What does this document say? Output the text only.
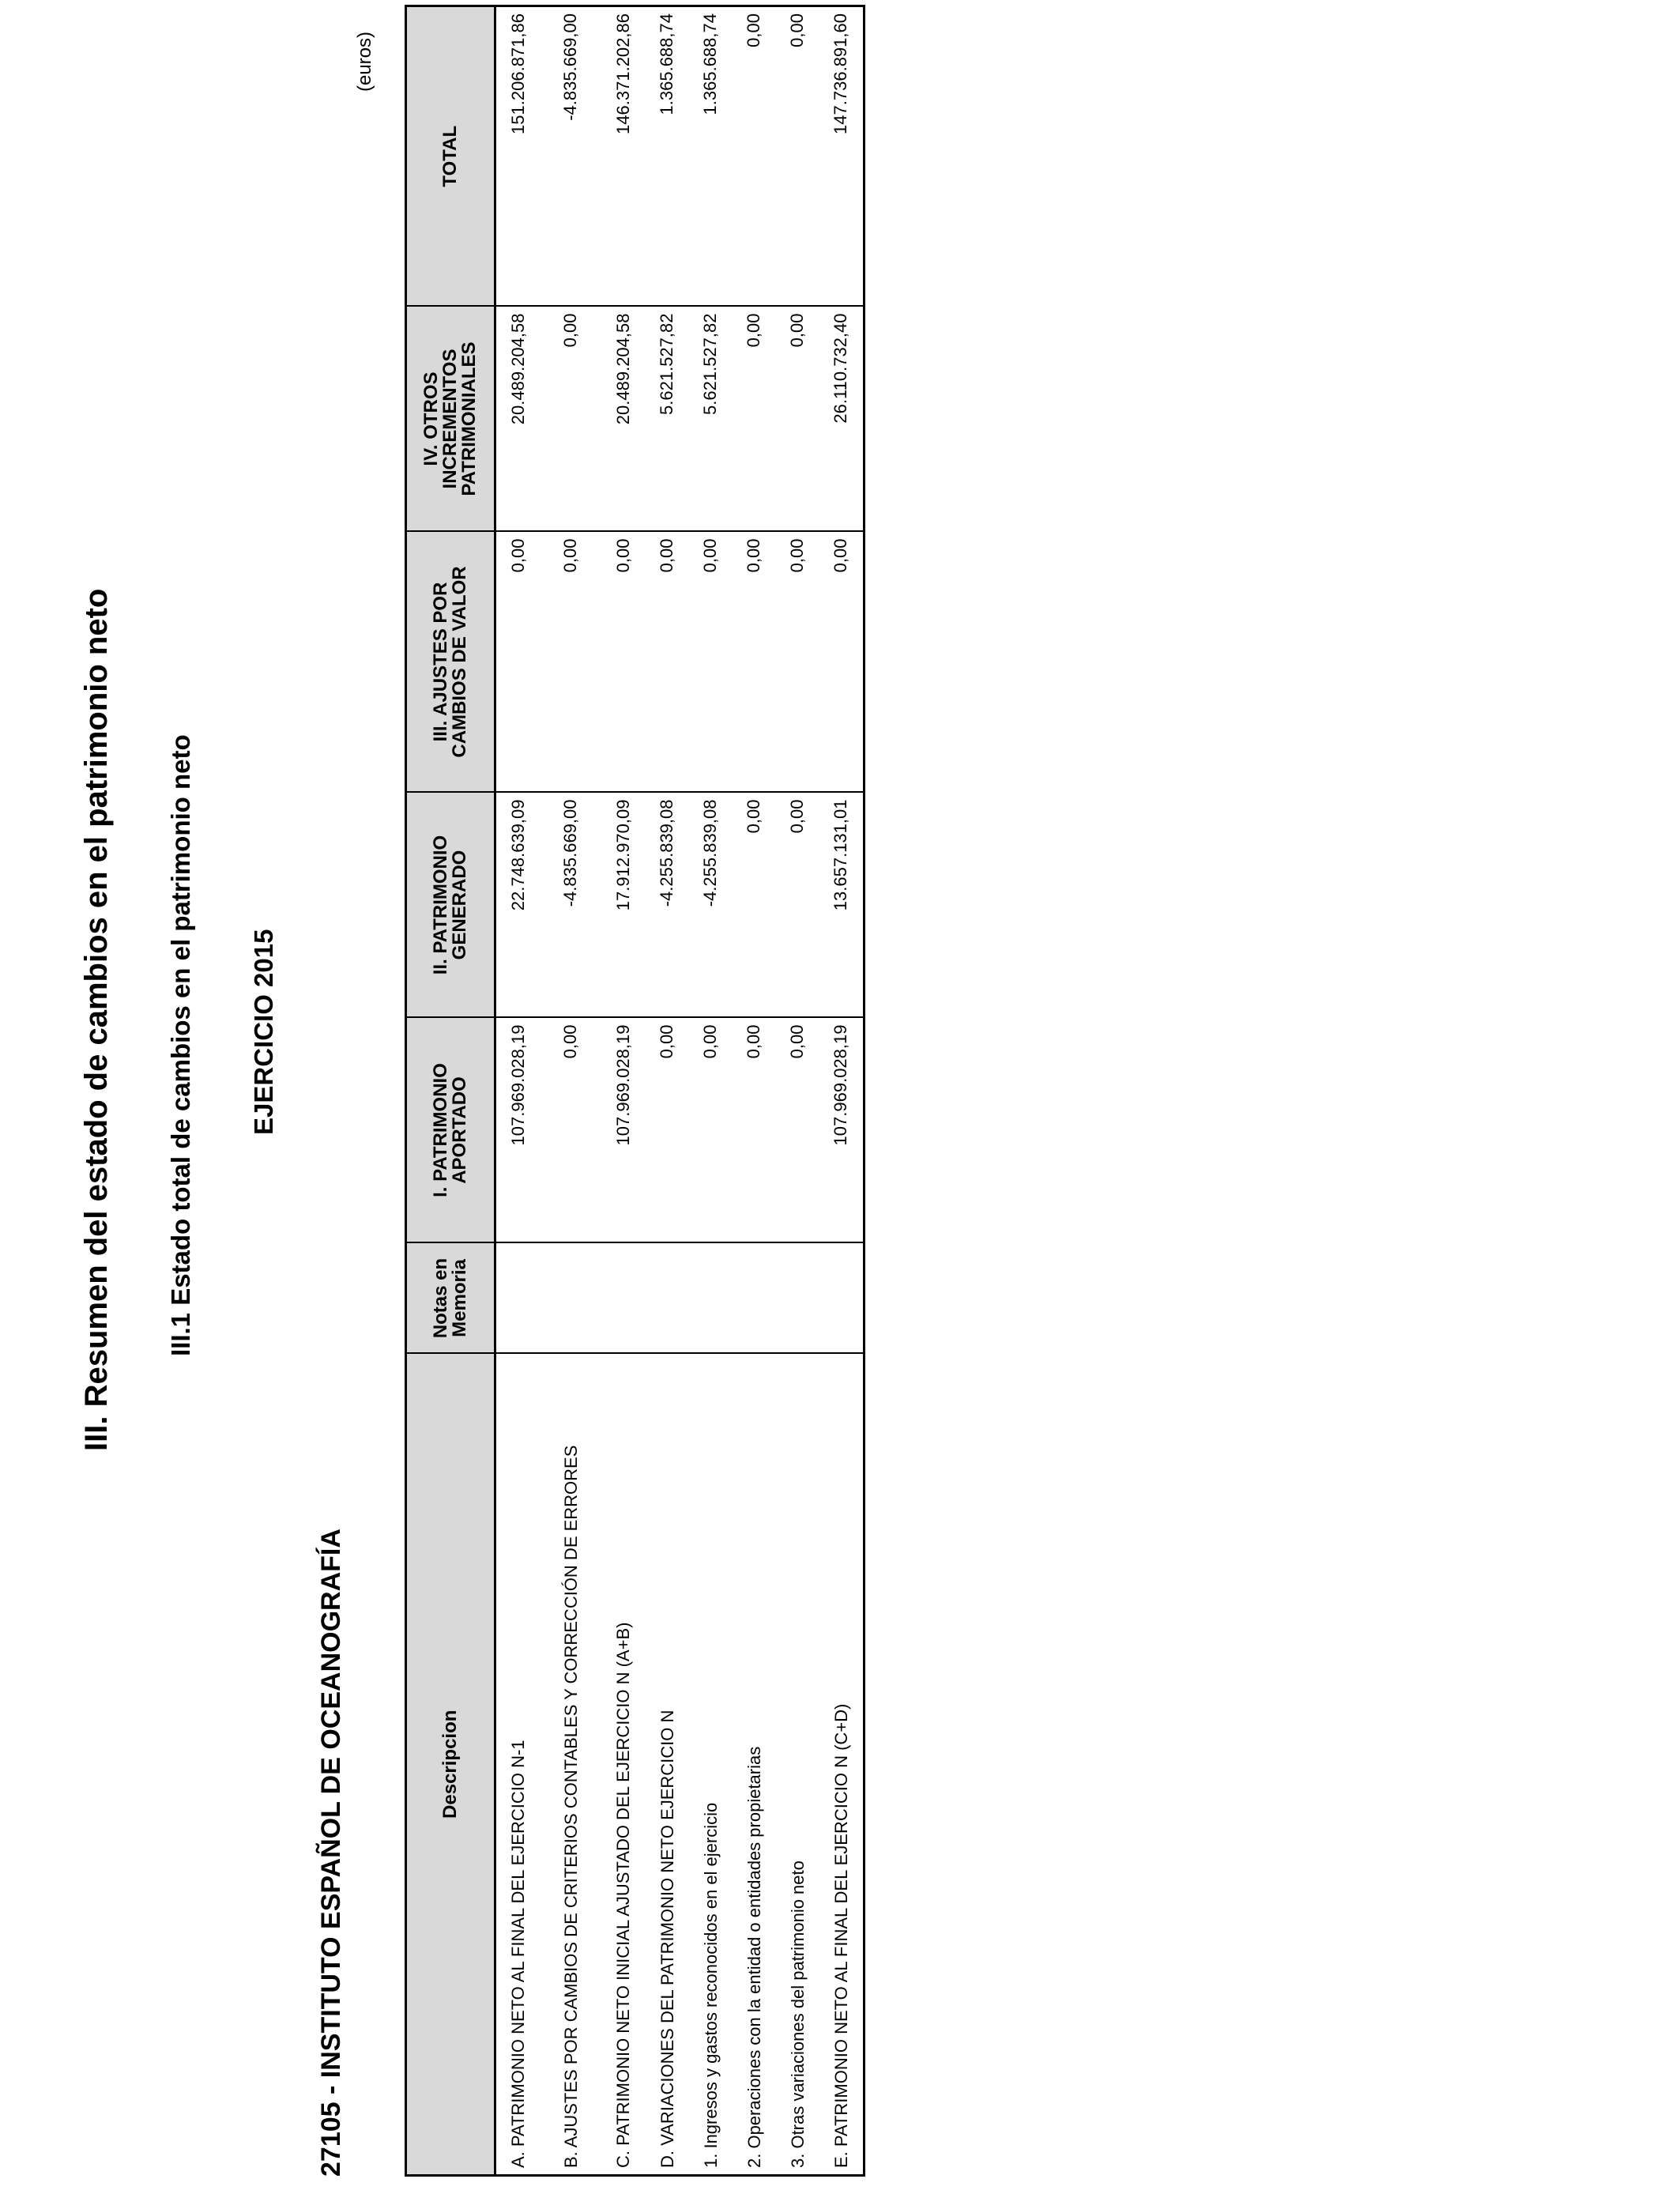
III. Resumen del estado de cambios en el patrimonio neto III.1 Estado total de cambios en el patrimonio neto EJERCICIO 2015
27105 - INSTITUTO ESPAÑOL DE OCEANOGRAFÍA
(euros)
Descripcion	Notas en Memoria	I. PATRIMONIO APORTADO	II. PATRIMONIO GENERADO	III. AJUSTES POR CAMBIOS DE VALOR	IV. OTROS INCREMENTOS PATRIMONIALES	TOTAL
A. PATRIMONIO NETO AL FINAL DEL EJERCICIO N-1		107.969.028,19	22.748.639,09	0,00	20.489.204,58	151.206.871,86
B. AJUSTES POR CAMBIOS DE CRITERIOS CONTABLES Y CORRECCIÓN DE ERRORES		0,00	-4.835.669,00	0,00	0,00	-4.835.669,00
C. PATRIMONIO NETO INICIAL AJUSTADO DEL EJERCICIO N (A+B)		107.969.028,19	17.912.970,09	0,00	20.489.204,58	146.371.202,86
D. VARIACIONES DEL PATRIMONIO NETO EJERCICIO N		0,00	-4.255.839,08	0,00	5.621.527,82	1.365.688,74
1. Ingresos y gastos reconocidos en el ejercicio		0,00	-4.255.839,08	0,00	5.621.527,82	1.365.688,74
2. Operaciones con la entidad o entidades propietarias		0,00	0,00	0,00	0,00	0,00
3. Otras variaciones del patrimonio neto		0,00	0,00	0,00	0,00	0,00
E. PATRIMONIO NETO AL FINAL DEL EJERCICIO N (C+D)		107.969.028,19	13.657.131,01	0,00	26.110.732,40	147.736.891,60
